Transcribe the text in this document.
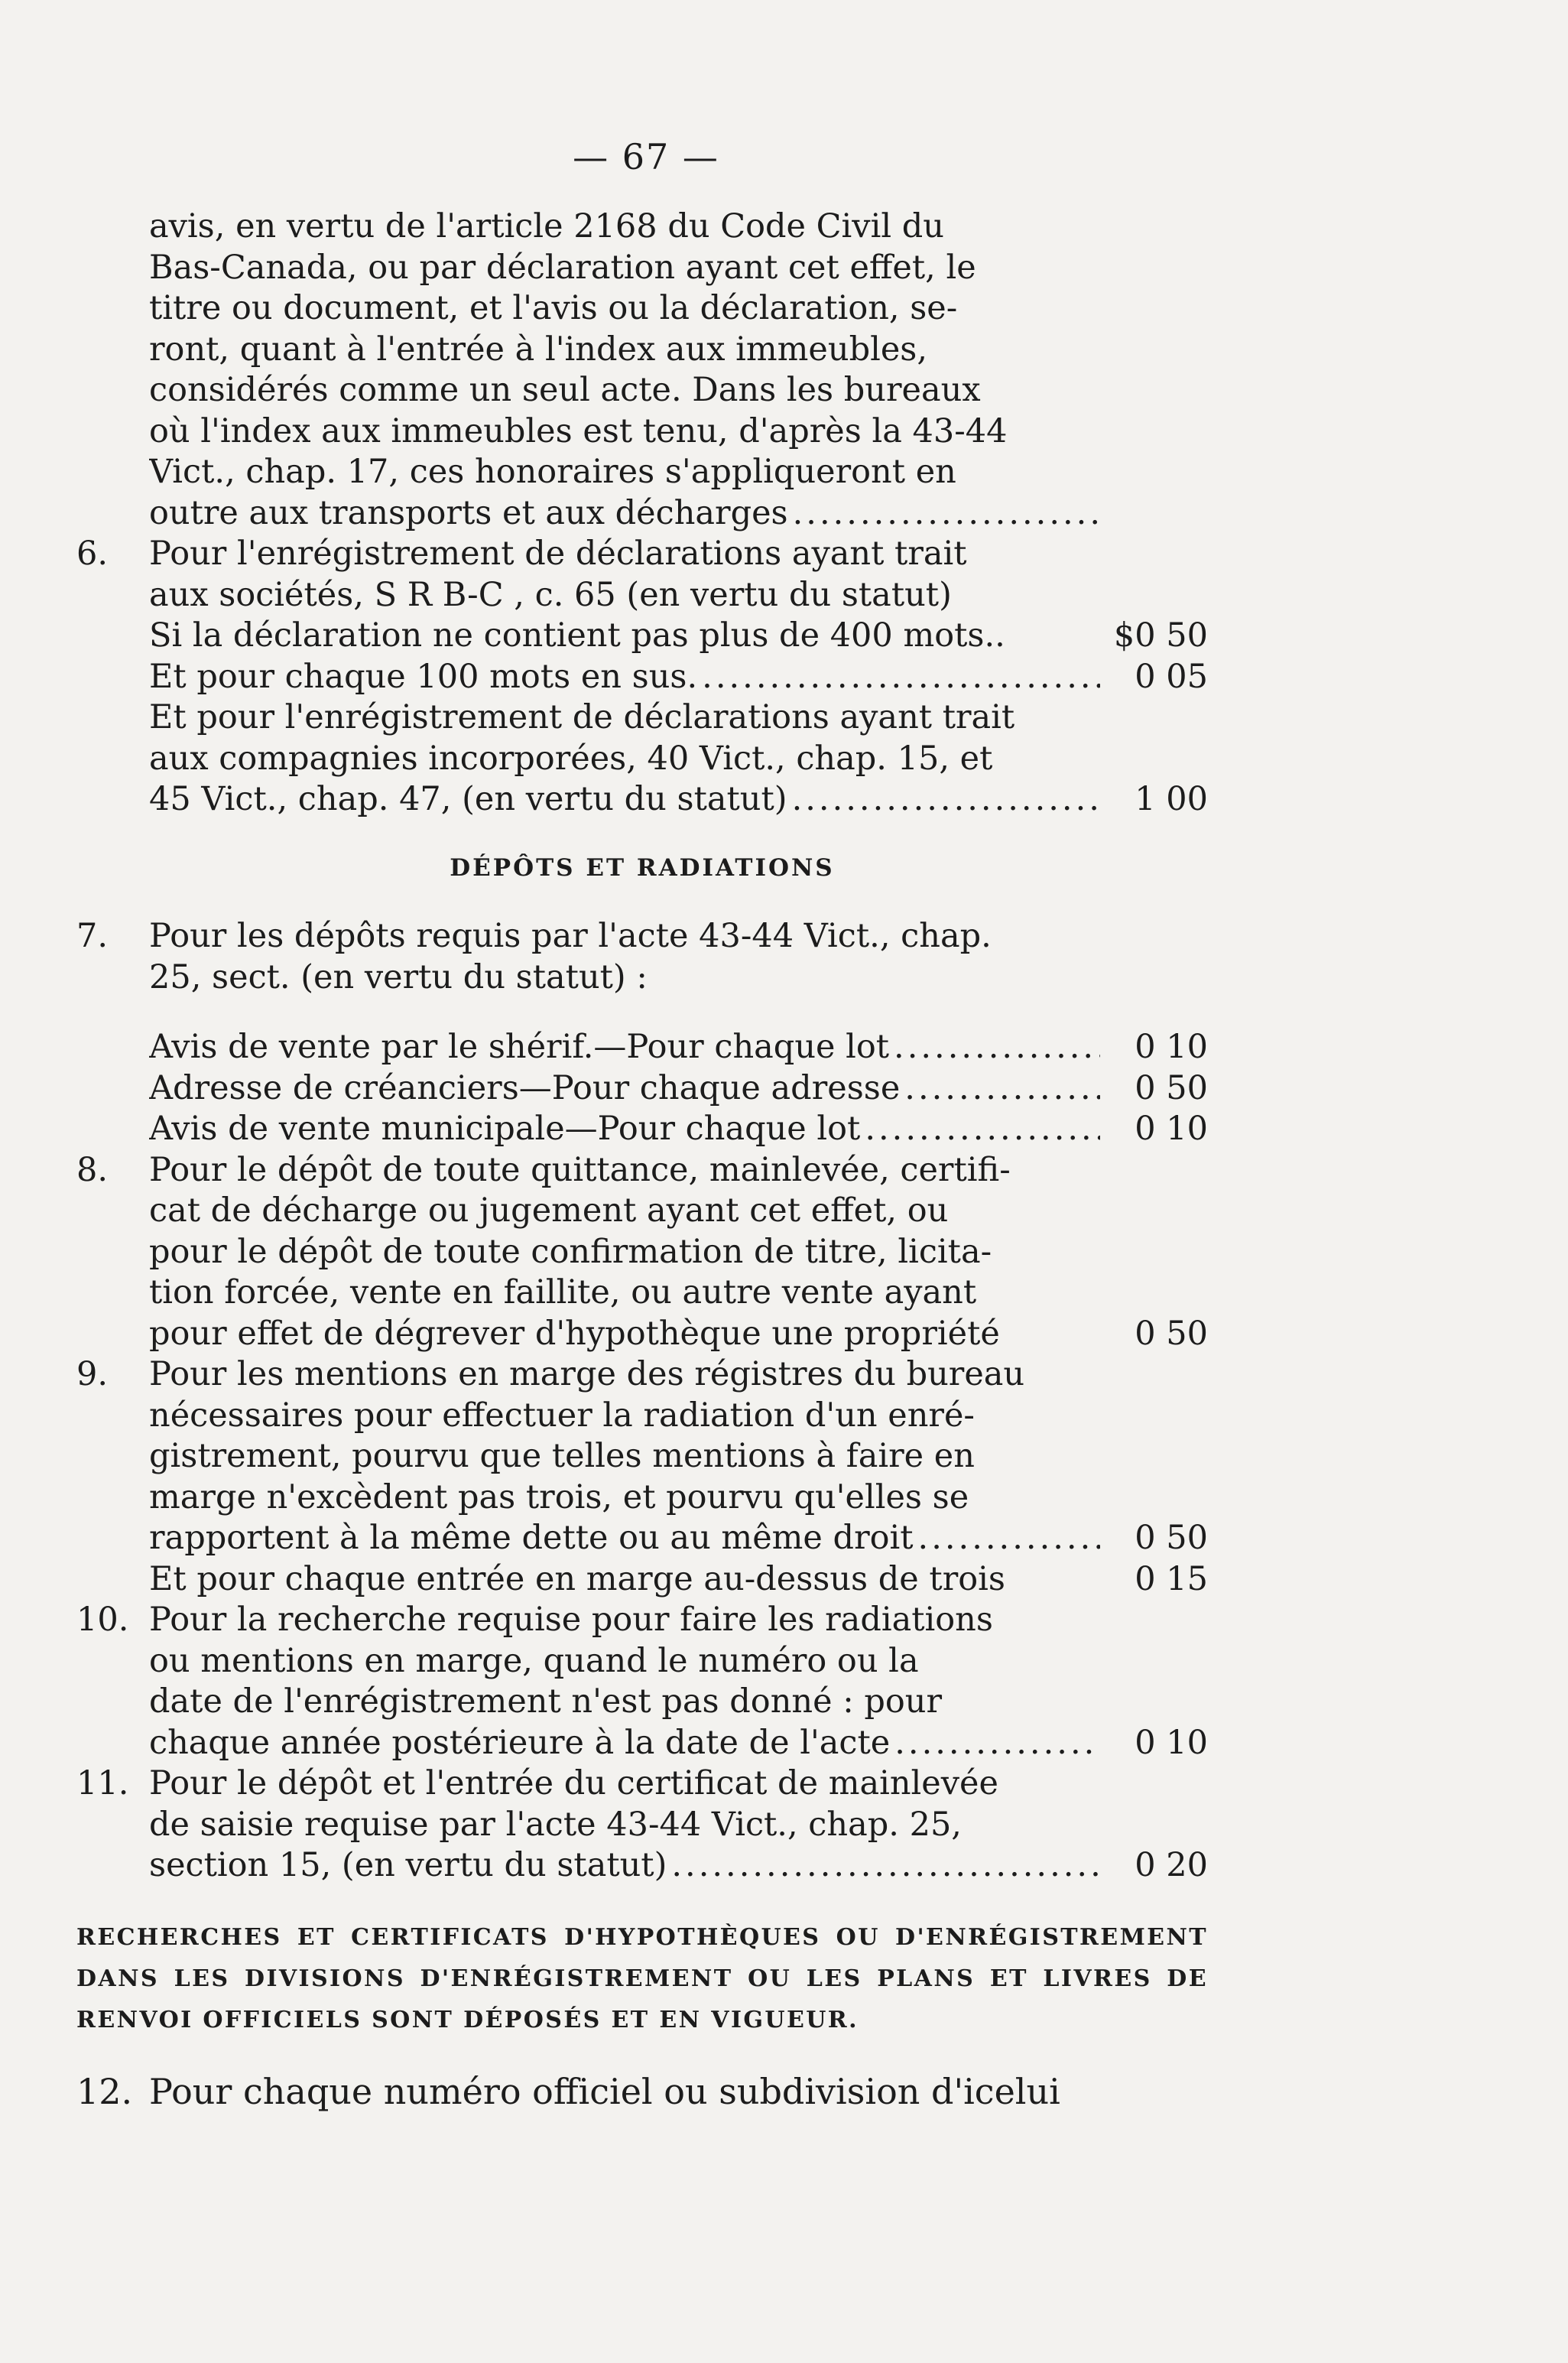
— 67 —
avis, en vertu de l'article 2168 du Code Civil du
Bas-Canada, ou par déclaration ayant cet effet, le
titre ou document, et l'avis ou la déclaration, se-
ront, quant à l'entrée à l'index aux immeubles,
considérés comme un seul acte. Dans les bureaux
où l'index aux immeubles est tenu, d'après la 43-44
Vict., chap. 17, ces honoraires s'appliqueront en
outre aux transports et aux décharges
.....
6.	Pour l'enrégistrement de déclarations ayant trait
aux sociétés, S R B-C , c. 65 (en vertu du statut)
Si la déclaration ne contient pas plus de 400 mots..	$0 50
Et pour chaque 100 mots en sus. .....	0 05
Et pour l'enrégistrement de déclarations ayant trait
aux compagnies incorporées, 40 Vict., chap. 15, et
45 Vict., chap. 47, (en vertu du statut) .....	1 00
DÉPÔTS ET RADIATIONS
7.	Pour les dépôts requis par l'acte 43-44 Vict., chap.
25, sect. (en vertu du statut) :
Avis de vente par le shérif.—Pour chaque lot .....	0 10
Adresse de créanciers—Pour chaque adresse .....	0 50
Avis de vente municipale—Pour chaque lot .....	0 10
8.	Pour le dépôt de toute quittance, mainlevée, certifi-
cat de décharge ou jugement ayant cet effet, ou
pour le dépôt de toute confirmation de titre, licita-
tion forcée, vente en faillite, ou autre vente ayant
pour effet de dégrever d'hypothèque une propriété	0 50
9.	Pour les mentions en marge des régistres du bureau
nécessaires pour effectuer la radiation d'un enré-
gistrement, pourvu que telles mentions à faire en
marge n'excèdent pas trois, et pourvu qu'elles se
rapportent à la même dette ou au même droit .....	0 50
Et pour chaque entrée en marge au-dessus de trois	0 15
10. Pour la recherche requise pour faire les radiations
ou mentions en marge, quand le numéro ou la
date de l'enrégistrement n'est pas donné : pour
chaque année postérieure à la date de l'acte .....	0 10
11. Pour le dépôt et l'entrée du certificat de mainlevée
de saisie requise par l'acte 43-44 Vict., chap. 25,
section 15, (en vertu du statut) .....	0 20
RECHERCHES ET CERTIFICATS D'HYPOTHÈQUES OU D'ENRÉGISTREMENT DANS LES DIVISIONS D'ENRÉGISTREMENT OU LES PLANS ET LIVRES DE RENVOI OFFICIELS SONT DÉPOSÉS ET EN VIGUEUR.
12. Pour chaque numéro officiel ou subdivision d'icelui
